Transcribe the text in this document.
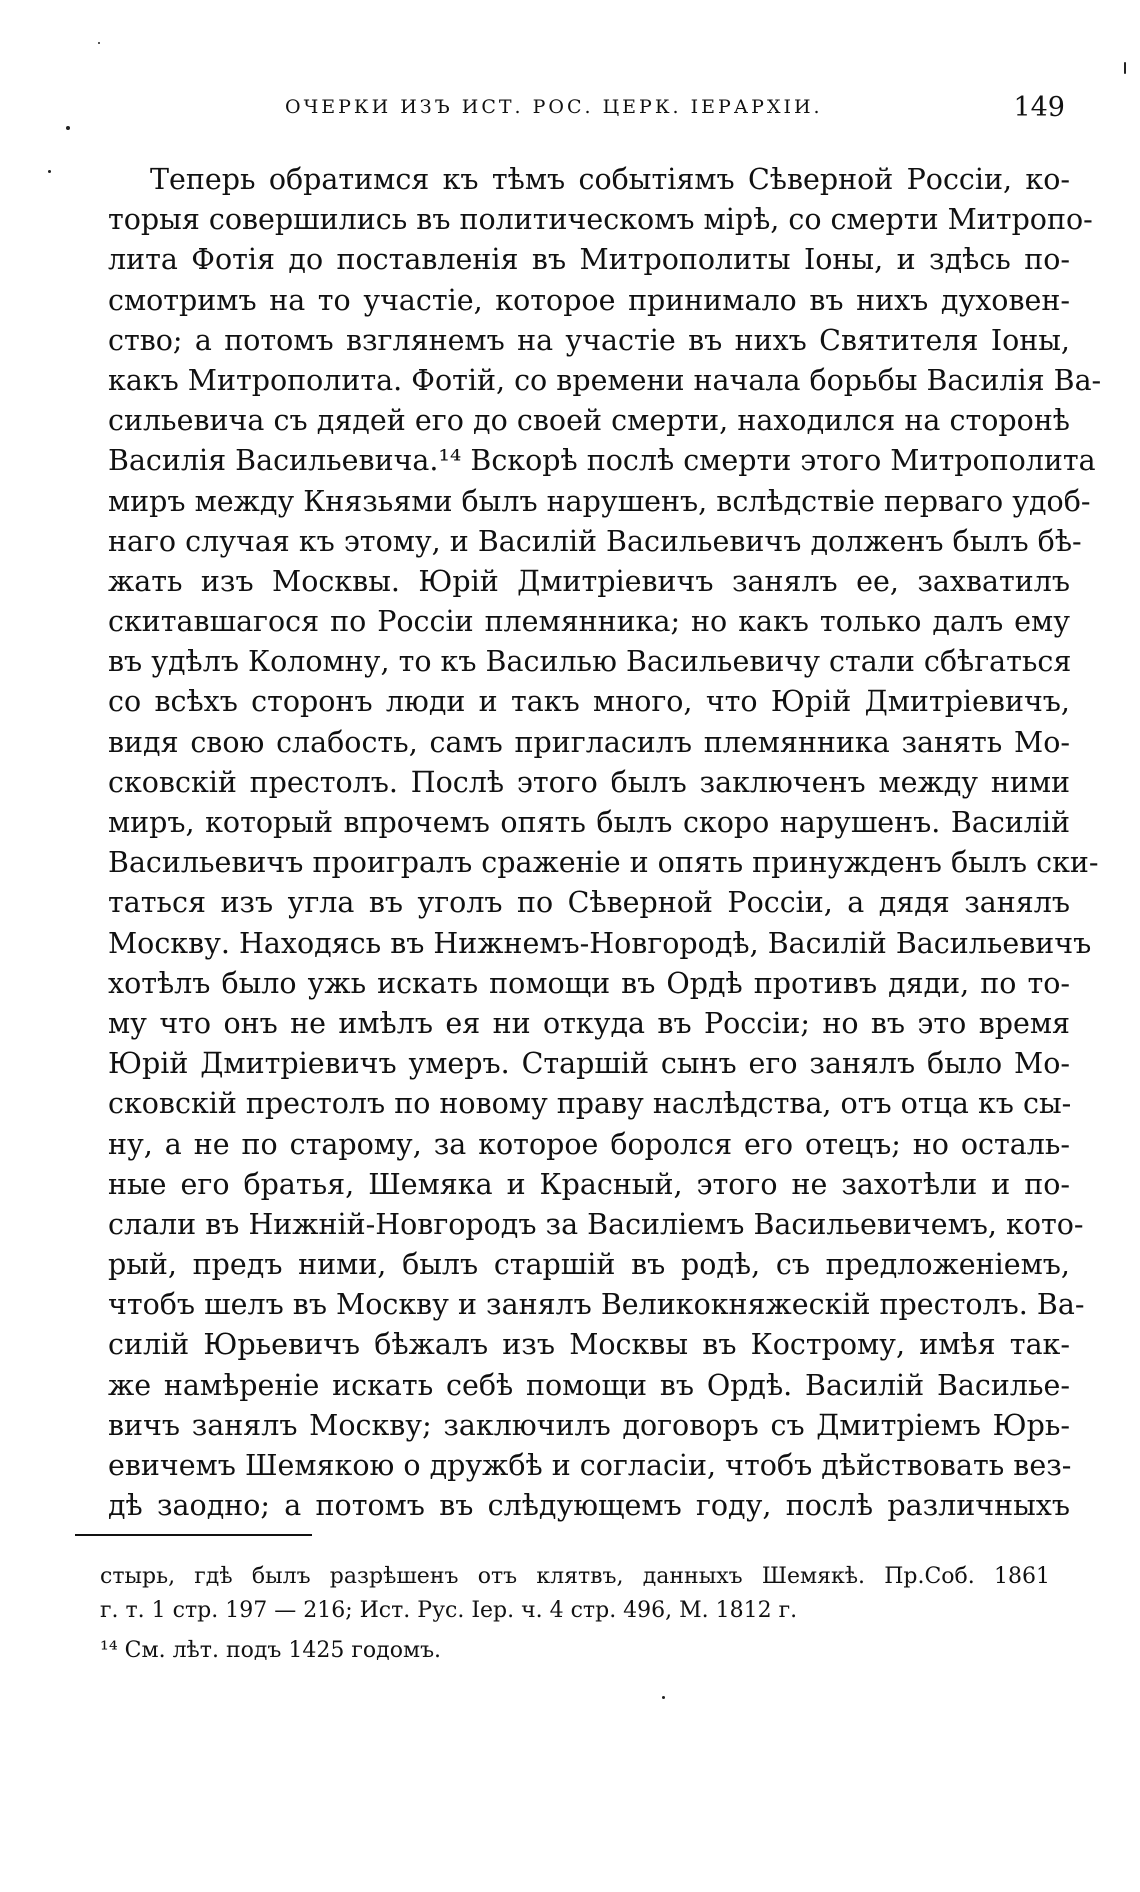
ОЧЕРКИ ИЗЪ ИСТ. РОС. ЦЕРК. ІЕРАРХІИ.	149
Теперь обратимся къ тѣмъ событіямъ Сѣверной Россіи, ко-
торыя совершились въ политическомъ мірѣ, со смерти Митропо-
лита Фотія до поставленія въ Митрополиты Іоны, и здѣсь по-
смотримъ на то участіе, которое принимало въ нихъ духовен-
ство; а потомъ взглянемъ на участіе въ нихъ Святителя Іоны,
какъ Митрополита. Фотій, со времени начала борьбы Василія Ва-
сильевича съ дядей его до своей смерти, находился на сторонѣ
Василія Васильевича.¹⁴ Вскорѣ послѣ смерти этого Митрополита
миръ между Князьями былъ нарушенъ, вслѣдствіе перваго удоб-
наго случая къ этому, и Василій Васильевичъ долженъ былъ бѣ-
жать изъ Москвы. Юрій Дмитріевичъ занялъ ее, захватилъ
скитавшагося по Россіи племянника; но какъ только далъ ему
въ удѣлъ Коломну, то къ Василью Васильевичу стали сбѣгаться
со всѣхъ сторонъ люди и такъ много, что Юрій Дмитріевичъ,
видя свою слабость, самъ пригласилъ племянника занять Мо-
сковскій престолъ. Послѣ этого былъ заключенъ между ними
миръ, который впрочемъ опять былъ скоро нарушенъ. Василій
Васильевичъ проигралъ сраженіе и опять принужденъ былъ ски-
таться изъ угла въ уголъ по Сѣверной Россіи, а дядя занялъ
Москву. Находясь въ Нижнемъ-Новгородѣ, Василій Васильевичъ
хотѣлъ было ужь искать помощи въ Ордѣ противъ дяди, по то-
му что онъ не имѣлъ ея ни откуда въ Россіи; но въ это время
Юрій Дмитріевичъ умеръ. Старшій сынъ его занялъ было Мо-
сковскій престолъ по новому праву наслѣдства, отъ отца къ сы-
ну, а не по старому, за которое боролся его отецъ; но осталь-
ные его братья, Шемяка и Красный, этого не захотѣли и по-
слали въ Нижній-Новгородъ за Василіемъ Васильевичемъ, кото-
рый, предъ ними, былъ старшій въ родѣ, съ предложеніемъ,
чтобъ шелъ въ Москву и занялъ Великокняжескій престолъ. Ва-
силій Юрьевичъ бѣжалъ изъ Москвы въ Кострому, имѣя так-
же намѣреніе искать себѣ помощи въ Ордѣ. Василій Василье-
вичъ занялъ Москву; заключилъ договоръ съ Дмитріемъ Юрь-
евичемъ Шемякою о дружбѣ и согласіи, чтобъ дѣйствовать вез-
дѣ заодно; а потомъ въ слѣдующемъ году, послѣ различныхъ
стырь, гдѣ былъ разрѣшенъ отъ клятвъ, данныхъ Шемякѣ. Пр.Соб. 1861
г. т. 1 стр. 197 — 216; Ист. Рус. Іер. ч. 4 стр. 496, М. 1812 г.
¹⁴ См. лѣт. подъ 1425 годомъ.
